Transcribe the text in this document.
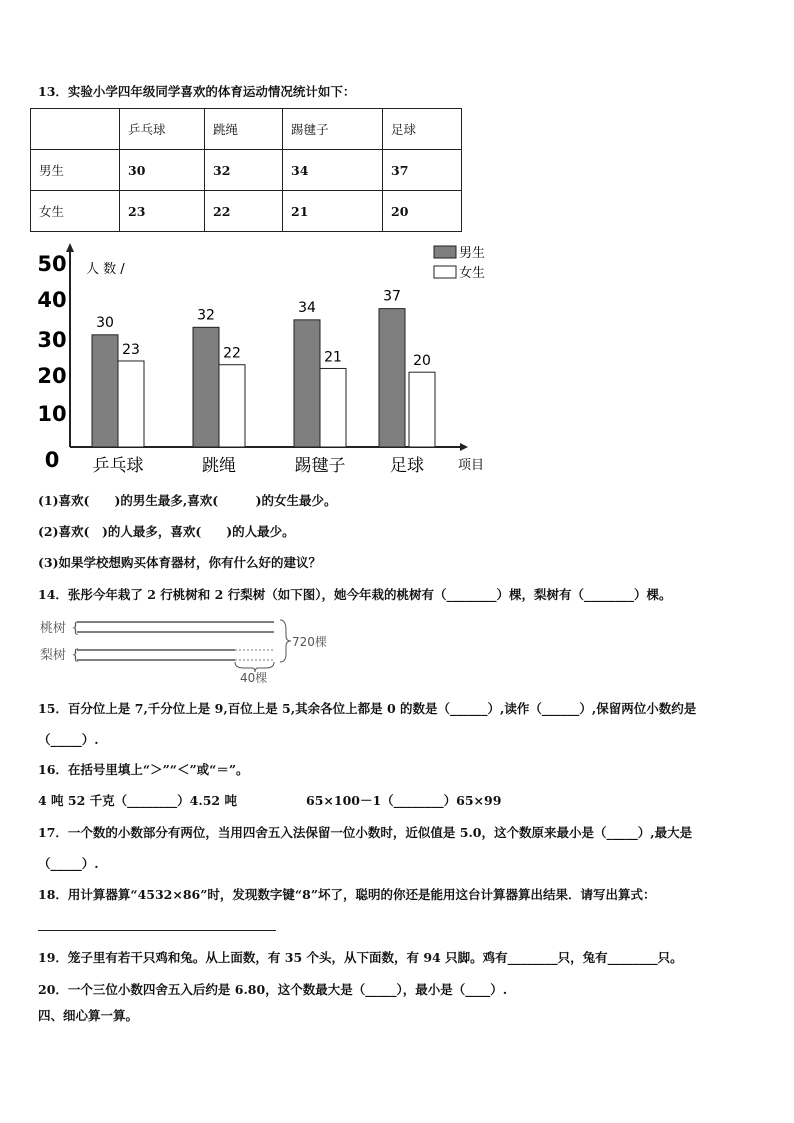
13．实验小学四年级同学喜欢的体育运动情况统计如下：
	乒乓球	跳绳	踢毽子	足球
男生	30	32	34	37
女生	23	22	21	20
0
10
20
30
40
50
30
23
乒乓球
32
22
跳绳
34
21
踢毽子
37
20
足球
男生
女生
人 数 /
项目
(1)喜欢(　　)的男生最多,喜欢(　　　)的女生最少。
(2)喜欢(　)的人最多，喜欢(　　)的人最少。
(3)如果学校想购买体育器材，你有什么好的建议？
14．张彤今年栽了 2 行桃树和 2 行梨树（如下图），她今年栽的桃树有（________）棵，梨树有（________）棵。
桃树
梨树
{
{
720棵
40棵
15．百分位上是 7,千分位上是 9,百位上是 5,其余各位上都是 0 的数是（______）,读作（______）,保留两位小数约是
（_____）.
16．在括号里填上“＞”“＜”或“＝”。
4 吨 52 千克（________）4.52 吨	65×100－1（________）65×99
17．一个数的小数部分有两位，当用四舍五入法保留一位小数时，近似值是 5.0，这个数原来最小是（_____）,最大是
（_____）.
18．用计算器算“4532×86”时，发现数字键“8”坏了，聪明的你还是能用这台计算器算出结果．请写出算式：
19．笼子里有若干只鸡和兔。从上面数，有 35 个头，从下面数，有 94 只脚。鸡有________只，兔有________只。
20．一个三位小数四舍五入后约是 6.80，这个数最大是（_____），最小是（____）.
四、细心算一算。
